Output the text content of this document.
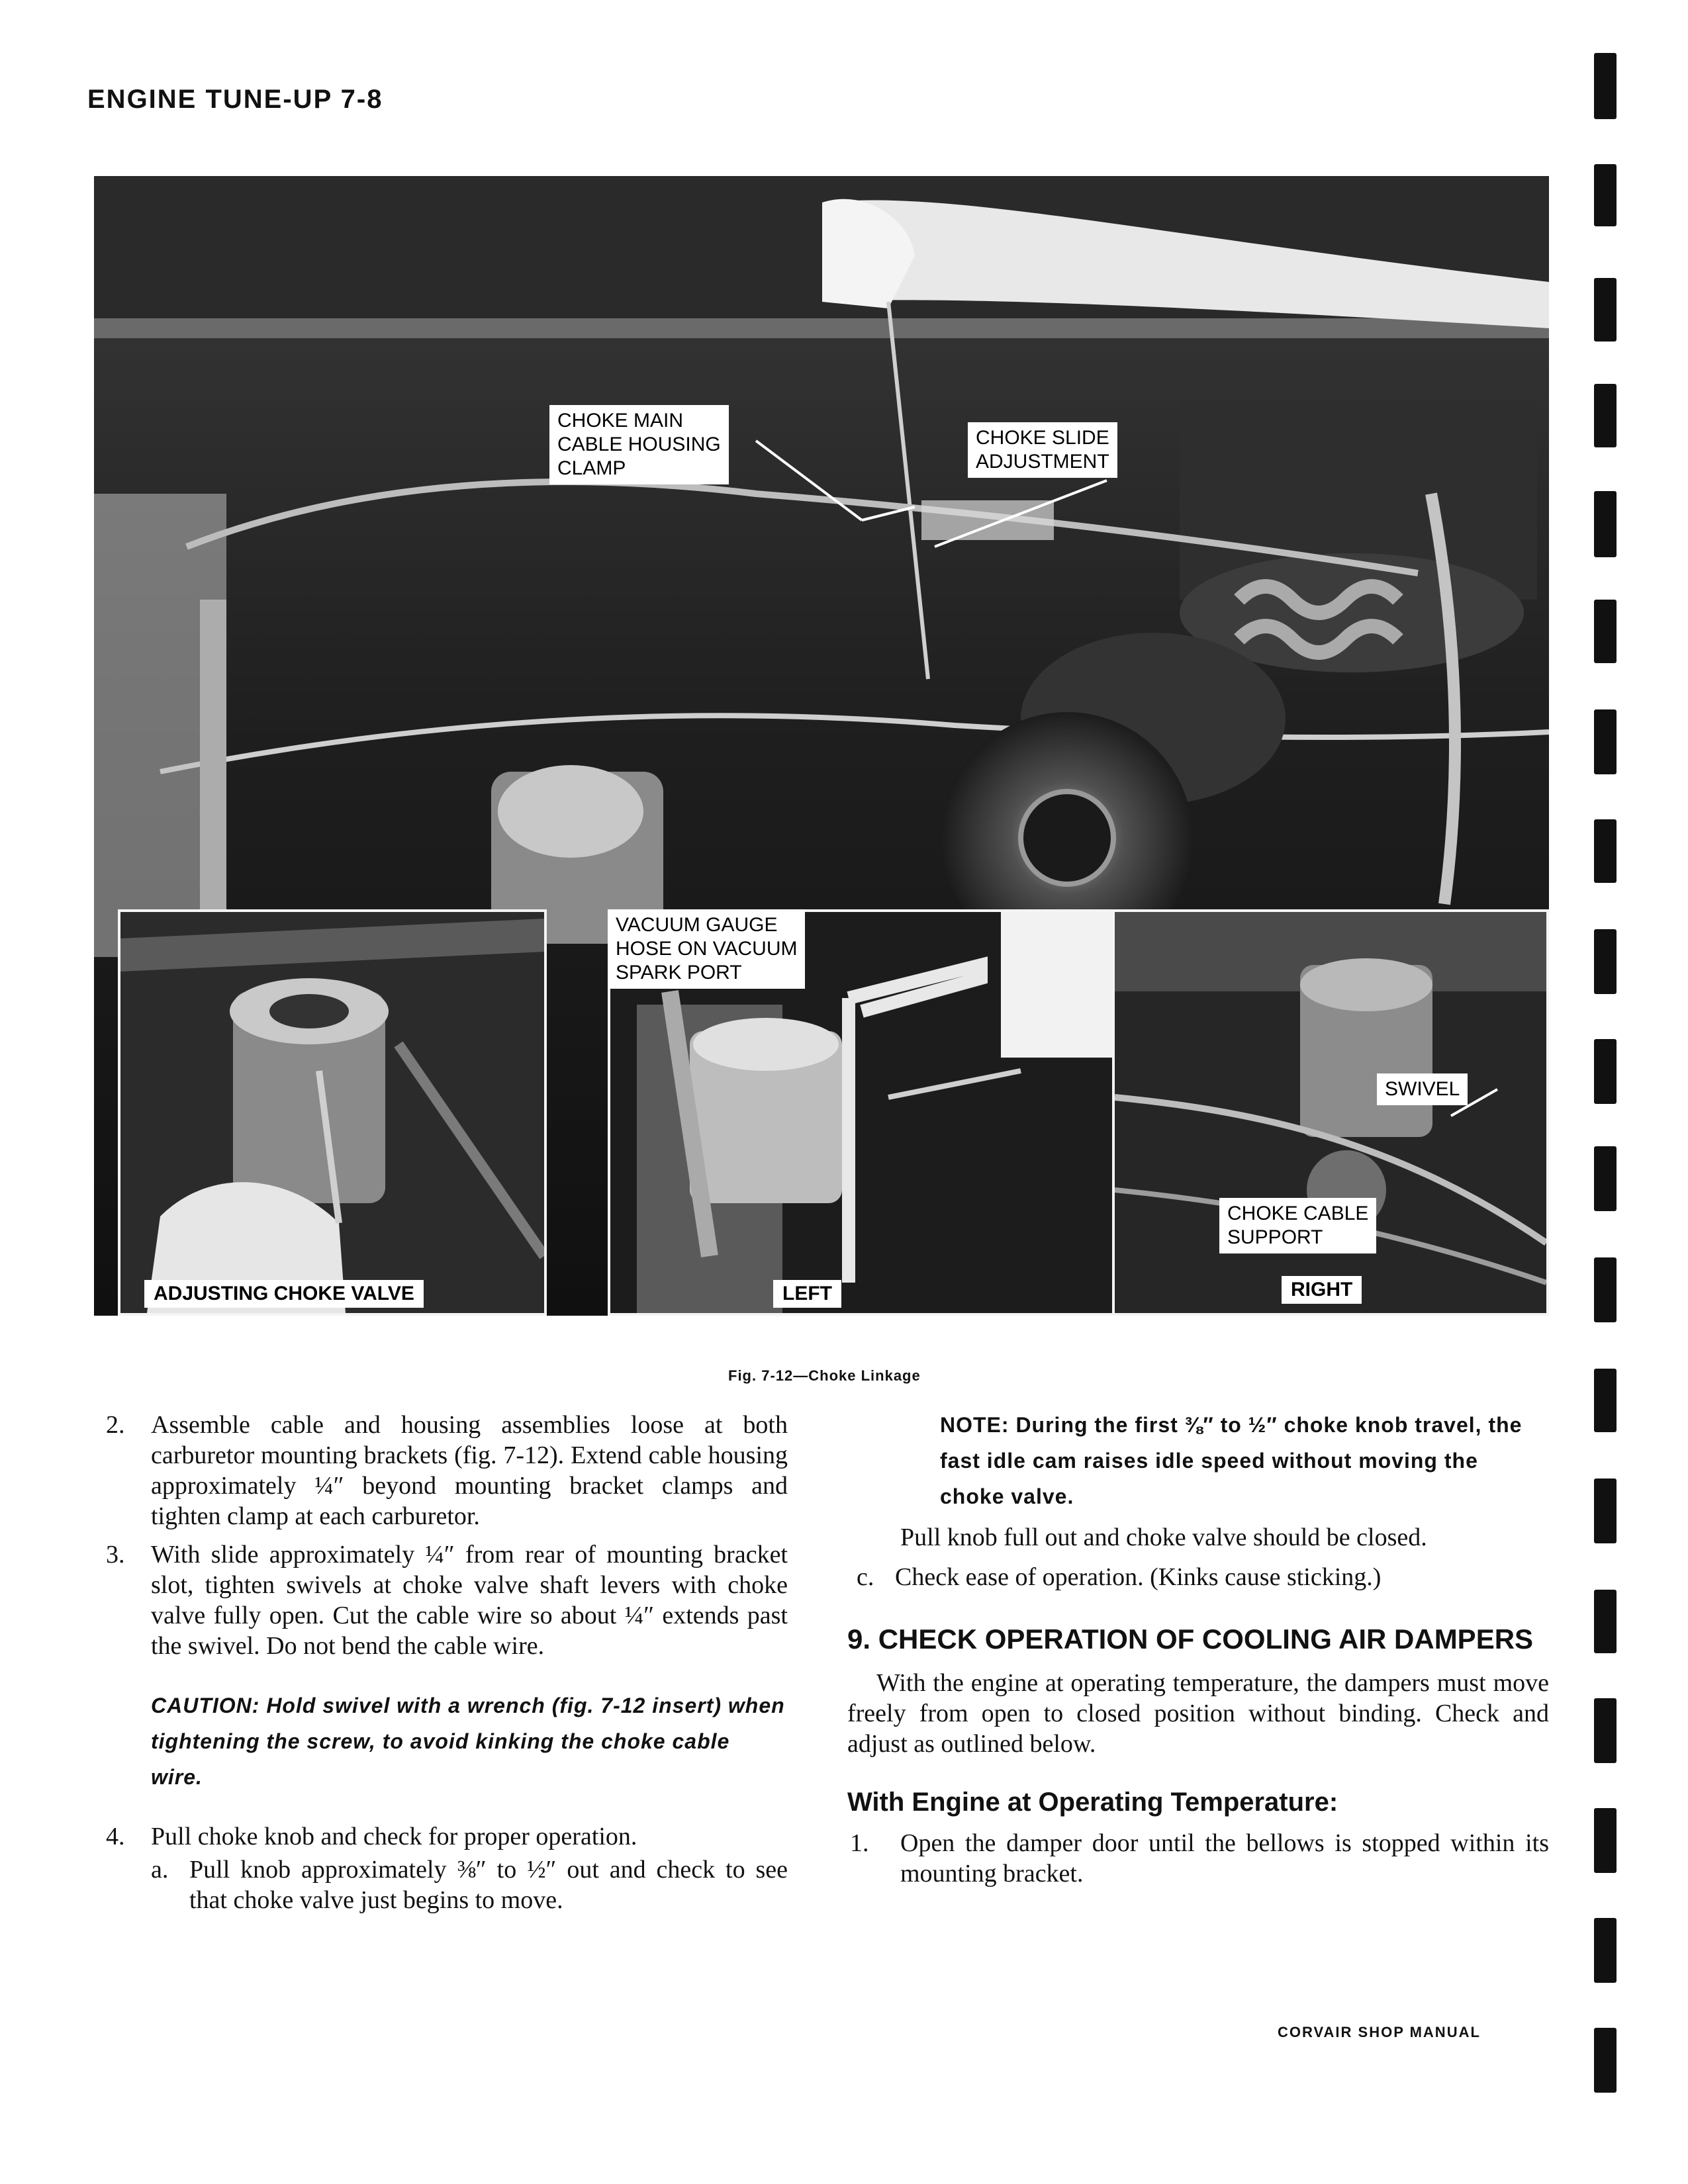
ENGINE TUNE-UP 7-8
CHOKE MAIN
CABLE HOUSING
CLAMP
CHOKE SLIDE
ADJUSTMENT
VACUUM GAUGE
HOSE ON VACUUM
SPARK PORT
SWIVEL
CHOKE CABLE
SUPPORT
ADJUSTING CHOKE VALVE	LEFT	RIGHT
Fig. 7-12—Choke Linkage
2. Assemble cable and housing assemblies loose at both carburetor mounting brackets (fig. 7-12). Extend cable housing approximately ¼″ beyond mounting bracket clamps and tighten clamp at each carburetor.
3. With slide approximately ¼″ from rear of mounting bracket slot, tighten swivels at choke valve shaft levers with choke valve fully open. Cut the cable wire so about ¼″ extends past the swivel. Do not bend the cable wire.
CAUTION: Hold swivel with a wrench (fig. 7-12 insert) when tightening the screw, to avoid kinking the choke cable wire.
4. Pull choke knob and check for proper operation.
a. Pull knob approximately ⅜″ to ½″ out and check to see that choke valve just begins to move.
NOTE: During the first ⅜″ to ½″ choke knob travel, the fast idle cam raises idle speed without moving the choke valve.
Pull knob full out and choke valve should be closed.
c. Check ease of operation. (Kinks cause sticking.)
9. CHECK OPERATION OF COOLING AIR DAMPERS
With the engine at operating temperature, the dampers must move freely from open to closed position without binding. Check and adjust as outlined below.
With Engine at Operating Temperature:
1. Open the damper door until the bellows is stopped within its mounting bracket.
CORVAIR SHOP MANUAL
